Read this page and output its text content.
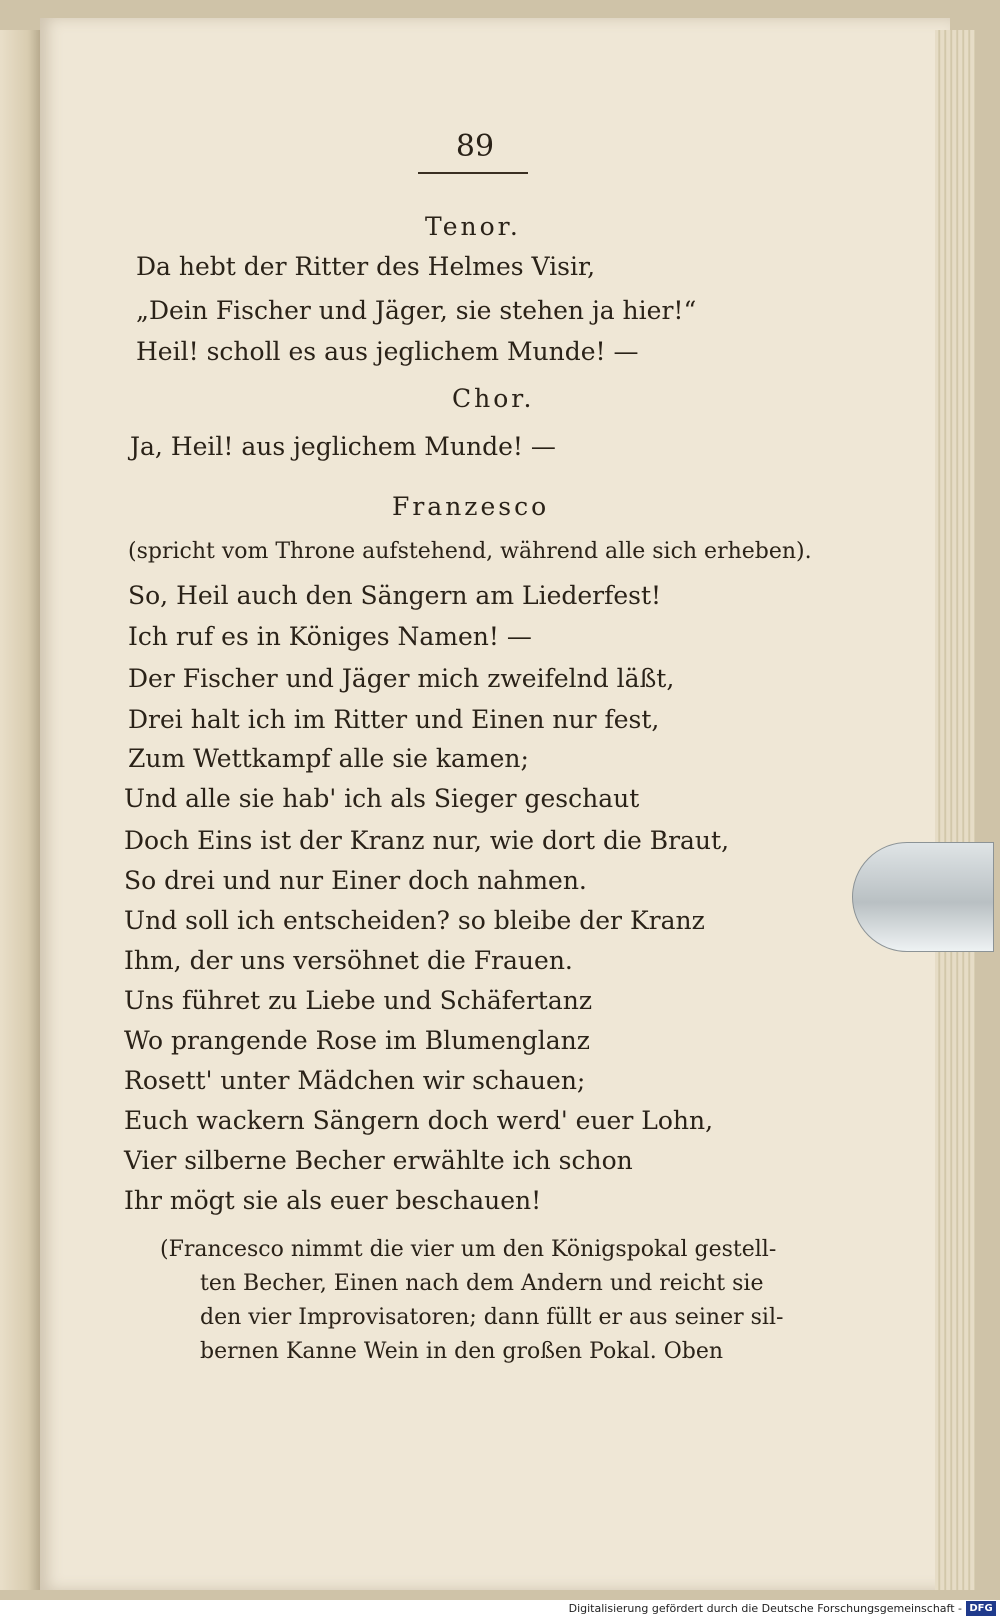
89
Tenor.
Da hebt der Ritter des Helmes Visir,
„Dein Fischer und Jäger, sie stehen ja hier!“
Heil! scholl es aus jeglichem Munde! —
Chor.
Ja, Heil! aus jeglichem Munde! —
Franzesco
(spricht vom Throne aufstehend, während alle sich erheben).
So, Heil auch den Sängern am Liederfest!
Ich ruf es in Königes Namen! —
Der Fischer und Jäger mich zweifelnd läßt,
Drei halt ich im Ritter und Einen nur fest,
Zum Wettkampf alle sie kamen;
Und alle sie hab' ich als Sieger geschaut
Doch Eins ist der Kranz nur, wie dort die Braut,
So drei und nur Einer doch nahmen.
Und soll ich entscheiden? so bleibe der Kranz
Ihm, der uns versöhnet die Frauen.
Uns führet zu Liebe und Schäfertanz
Wo prangende Rose im Blumenglanz
Rosett' unter Mädchen wir schauen;
Euch wackern Sängern doch werd' euer Lohn,
Vier silberne Becher erwählte ich schon
Ihr mögt sie als euer beschauen!
(Francesco nimmt die vier um den Königspokal gestell-
ten Becher, Einen nach dem Andern und reicht sie
den vier Improvisatoren; dann füllt er aus seiner sil-
bernen Kanne Wein in den großen Pokal. Oben
Digitalisierung gefördert durch die Deutsche Forschungsgemeinschaft - DFG
